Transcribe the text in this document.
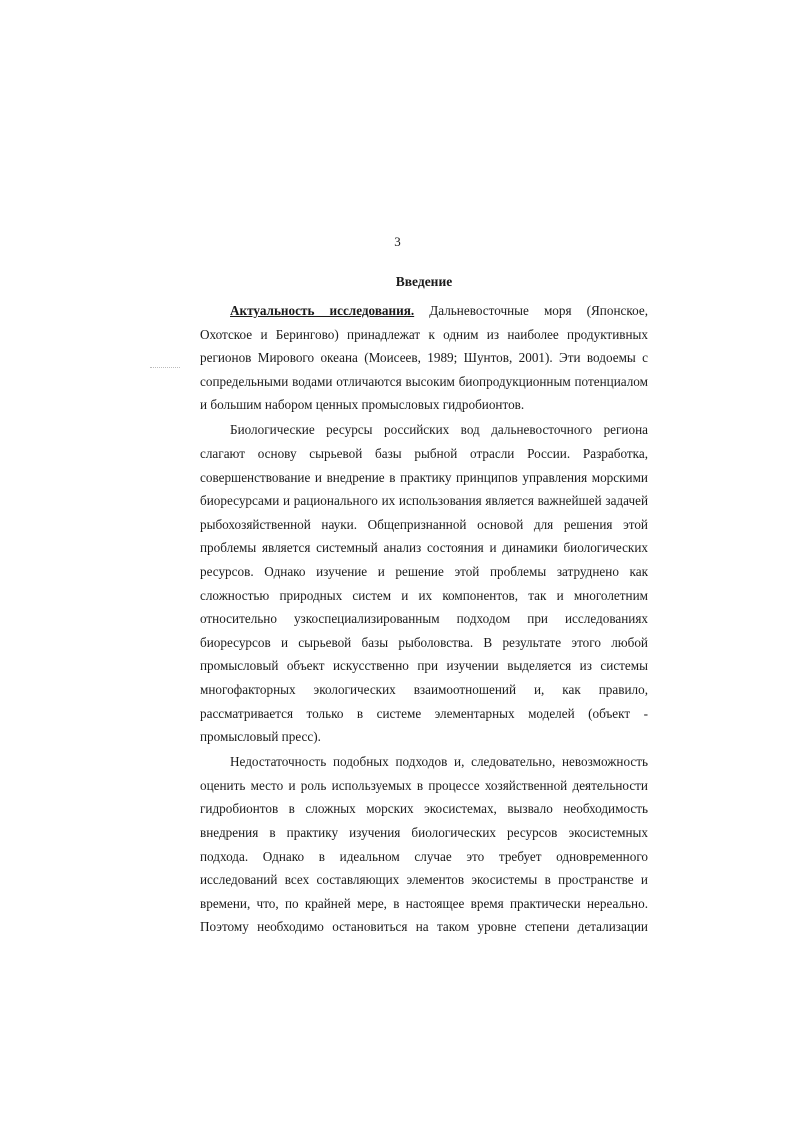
3
Введение
Актуальность исследования. Дальневосточные моря (Японское,
Охотское и Берингово) принадлежат к одним из наиболее продуктивных
регионов Мирового океана (Моисеев, 1989; Шунтов, 2001). Эти водоемы с
сопредельными водами отличаются высоким биопродукционным потенциалом
и большим набором ценных промысловых гидробионтов.
Биологические ресурсы российских вод дальневосточного региона
слагают основу сырьевой базы рыбной отрасли России. Разработка,
совершенствование и внедрение в практику принципов управления морскими
биоресурсами и рационального их использования является важнейшей задачей
рыбохозяйственной науки. Общепризнанной основой для решения этой
проблемы является системный анализ состояния и динамики биологических
ресурсов. Однако изучение и решение этой проблемы затруднено как
сложностью природных систем и их компонентов, так и многолетним
относительно узкоспециализированным подходом при исследованиях
биоресурсов и сырьевой базы рыболовства. В результате этого любой
промысловый объект искусственно при изучении выделяется из системы
многофакторных экологических взаимоотношений и, как правило,
рассматривается только в системе элементарных моделей (объект -
промысловый пресс).
Недостаточность подобных подходов и, следовательно, невозможность
оценить место и роль используемых в процессе хозяйственной деятельности
гидробионтов в сложных морских экосистемах, вызвало необходимость
внедрения в практику изучения биологических ресурсов экосистемных
подхода. Однако в идеальном случае это требует одновременного
исследований всех составляющих элементов экосистемы в пространстве и
времени, что, по крайней мере, в настоящее время практически нереально.
Поэтому необходимо остановиться на таком уровне степени детализации
